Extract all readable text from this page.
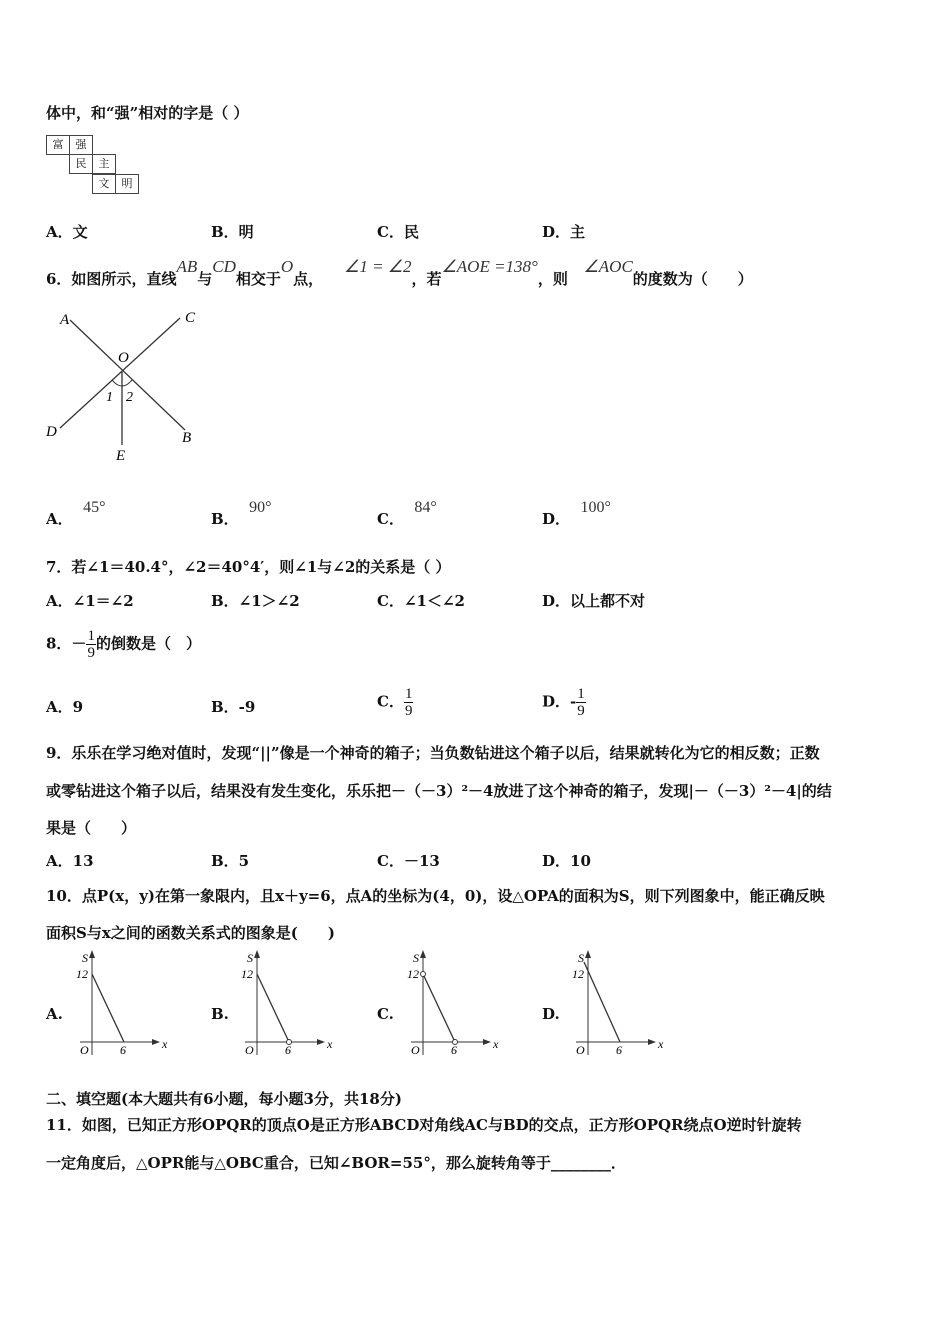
体中，和“强”相对的字是（ ）
富	强
民	主
文	明
A．文	B．明	C．民	D．主
6．如图所示，直线AB与CD相交于O点，    ∠1 = ∠2，若∠AOE =138°，则   ∠AOC的度数为（　　）
A	C
O
1 2
D	B
E
A．  45°
B．  90°
C．  84°
D．  100°
7．若∠1＝40.4°，∠2＝40°4′，则∠1与∠2的关系是（ ）
A．∠1＝∠2	B．∠1＞∠2	C．∠1＜∠2	D．以上都不对
8．－ $\frac{1}{9}$ 的倒数是（　）
A．9	B．-9	C． $\frac{1}{9}$	D．- $\frac{1}{9}$
9．乐乐在学习绝对值时，发现“||”像是一个神奇的箱子；当负数钻进这个箱子以后，结果就转化为它的相反数；正数
或零钻进这个箱子以后，结果没有发生变化，乐乐把－（－3）²－4放进了这个神奇的箱子，发现|－（－3）²－4|的结
果是（　　）
A．13	B．5	C．－13	D．10
10．点P(x，y)在第一象限内，且x＋y=6，点A的坐标为(4，0)，设△OPA的面积为S，则下列图象中，能正确反映
面积S与x之间的函数关系式的图象是(　　)
A.
S
12
O	6	x
B.
S
12
O	6	x
C.
S
12
O	6	x
D.
S
12
O	6	x
二、填空题(本大题共有6小题，每小题3分，共18分)
11．如图，已知正方形OPQR的顶点O是正方形ABCD对角线AC与BD的交点，正方形OPQR绕点O逆时针旋转
一定角度后，△OPR能与△OBC重合，已知∠BOR=55°，那么旋转角等于________．
